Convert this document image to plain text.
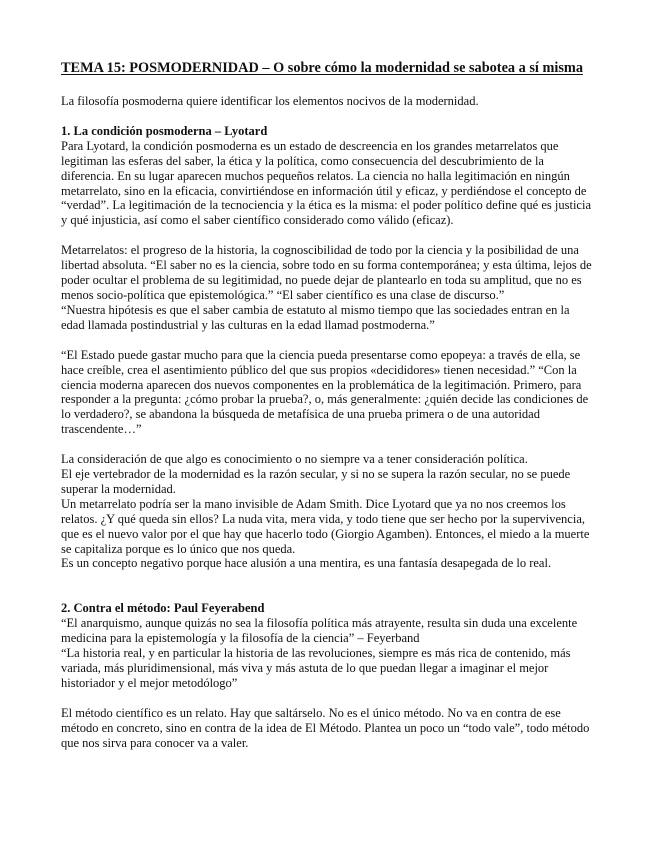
TEMA 15: POSMODERNIDAD – O sobre cómo la modernidad se sabotea a sí misma

La filosofía posmoderna quiere identificar los elementos nocivos de la modernidad.

1. La condición posmoderna – Lyotard

Para Lyotard, la condición posmoderna es un estado de descreencia en los grandes metarrelatos que legitiman las esferas del saber, la ética y la política, como consecuencia del descubrimiento de la diferencia. En su lugar aparecen muchos pequeños relatos. La ciencia no halla legitimación en ningún metarrelato, sino en la eficacia, convirtiéndose en información útil y eficaz, y perdiéndose el concepto de “verdad”. La legitimación de la tecnociencia y la ética es la misma: el poder político define qué es justicia y qué injusticia, así como el saber científico considerado como válido (eficaz).

Metarrelatos: el progreso de la historia, la cognoscibilidad de todo por la ciencia y la posibilidad de una libertad absoluta. “El saber no es la ciencia, sobre todo en su forma contemporánea; y esta última, lejos de poder ocultar el problema de su legitimidad, no puede dejar de plantearlo en toda su amplitud, que no es menos socio-política que epistemológica.” “El saber científico es una clase de discurso.”

“Nuestra hipótesis es que el saber cambia de estatuto al mismo tiempo que las sociedades entran en la edad llamada postindustrial y las culturas en la edad llamad postmoderna.”

“El Estado puede gastar mucho para que la ciencia pueda presentarse como epopeya: a través de ella, se hace creíble, crea el asentimiento público del que sus propios «decididores» tienen necesidad.” “Con la ciencia moderna aparecen dos nuevos componentes en la problemática de la legitimación. Primero, para responder a la pregunta: ¿cómo probar la prueba?, o, más generalmente: ¿quién decide las condiciones de lo verdadero?, se abandona la búsqueda de metafísica de una prueba primera o de una autoridad trascendente…”

La consideración de que algo es conocimiento o no siempre va a tener consideración política.

El eje vertebrador de la modernidad es la razón secular, y si no se supera la razón secular, no se puede superar la modernidad.

Un metarrelato podría ser la mano invisible de Adam Smith. Dice Lyotard que ya no nos creemos los relatos. ¿Y qué queda sin ellos? La nuda vita, mera vida, y todo tiene que ser hecho por la supervivencia, que es el nuevo valor por el que hay que hacerlo todo (Giorgio Agamben). Entonces, el miedo a la muerte se capitaliza porque es lo único que nos queda.

Es un concepto negativo porque hace alusión a una mentira, es una fantasía desapegada de lo real.

2. Contra el método: Paul Feyerabend

“El anarquismo, aunque quizás no sea la filosofía política más atrayente, resulta sin duda una excelente medicina para la epistemología y la filosofía de la ciencia” – Feyerband

“La historia real, y en particular la historia de las revoluciones, siempre es más rica de contenido, más variada, más pluridimensional, más viva y más astuta de lo que puedan llegar a imaginar el mejor historiador y el mejor metodólogo”

El método científico es un relato. Hay que saltárselo. No es el único método. No va en contra de ese método en concreto, sino en contra de la idea de El Método. Plantea un poco un “todo vale”, todo método que nos sirva para conocer va a valer.
